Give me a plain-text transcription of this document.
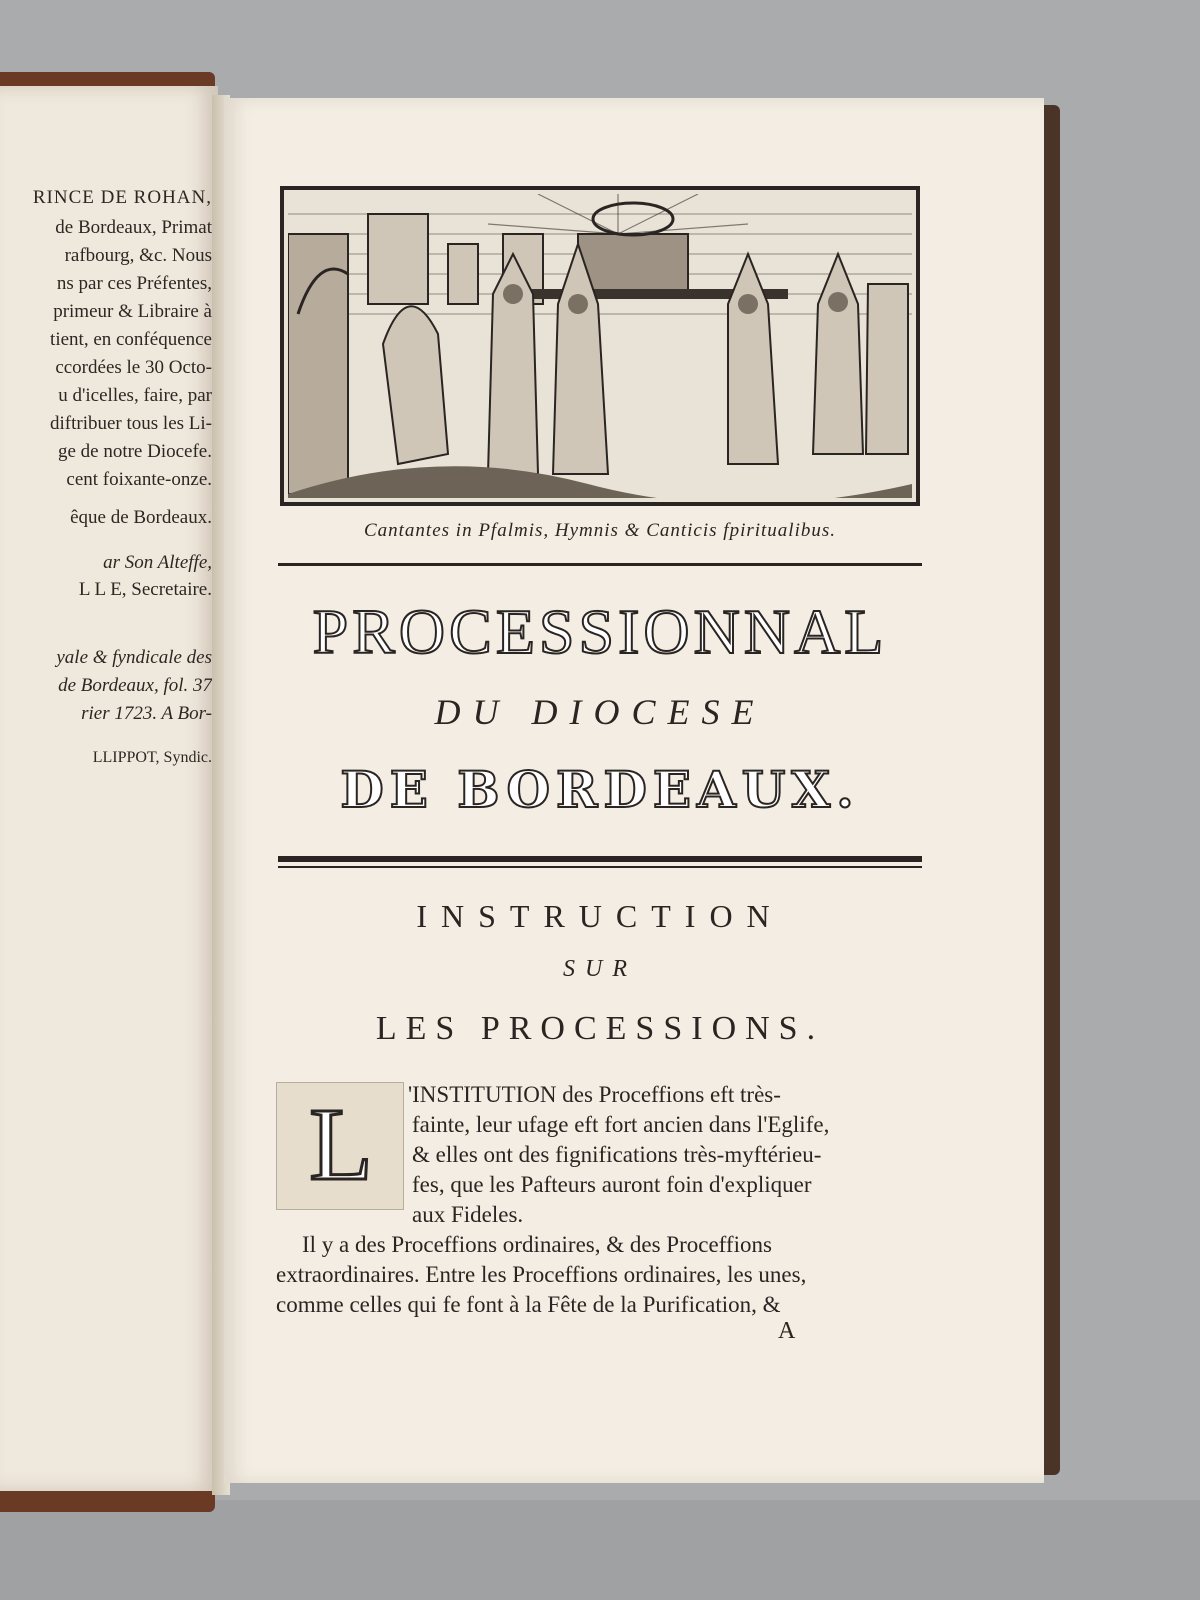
RINCE DE ROHAN,
de Bordeaux, Primat
rafbourg, &c. Nous
ns par ces Préfentes,
primeur & Libraire à
tient, en conféquence
ccordées le 30 Octo-
u d'icelles, faire, par
diftribuer tous les Li-
ge de notre Diocefe.
cent foixante-onze.
êque de Bordeaux.
ar Son Alteffe,
L L E, Secretaire.
yale & fyndicale des
de Bordeaux, fol. 37
rier 1723. A Bor-
LLIPPOT, Syndic.
Cantantes in Pfalmis, Hymnis & Canticis fpiritualibus.
PROCESSIONNAL
DU DIOCESE
DE BORDEAUX.
INSTRUCTION
SUR
LES PROCESSIONS.
L	'INSTITUTION des Proceffions eft très-
fainte, leur ufage eft fort ancien dans l'Eglife,
& elles ont des fignifications très-myftérieu-
fes, que les Pafteurs auront foin d'expliquer
aux Fideles.
Il y a des Proceffions ordinaires, & des Proceffions
extraordinaires. Entre les Proceffions ordinaires, les unes,
comme celles qui fe font à la Fête de la Purification, &
A
